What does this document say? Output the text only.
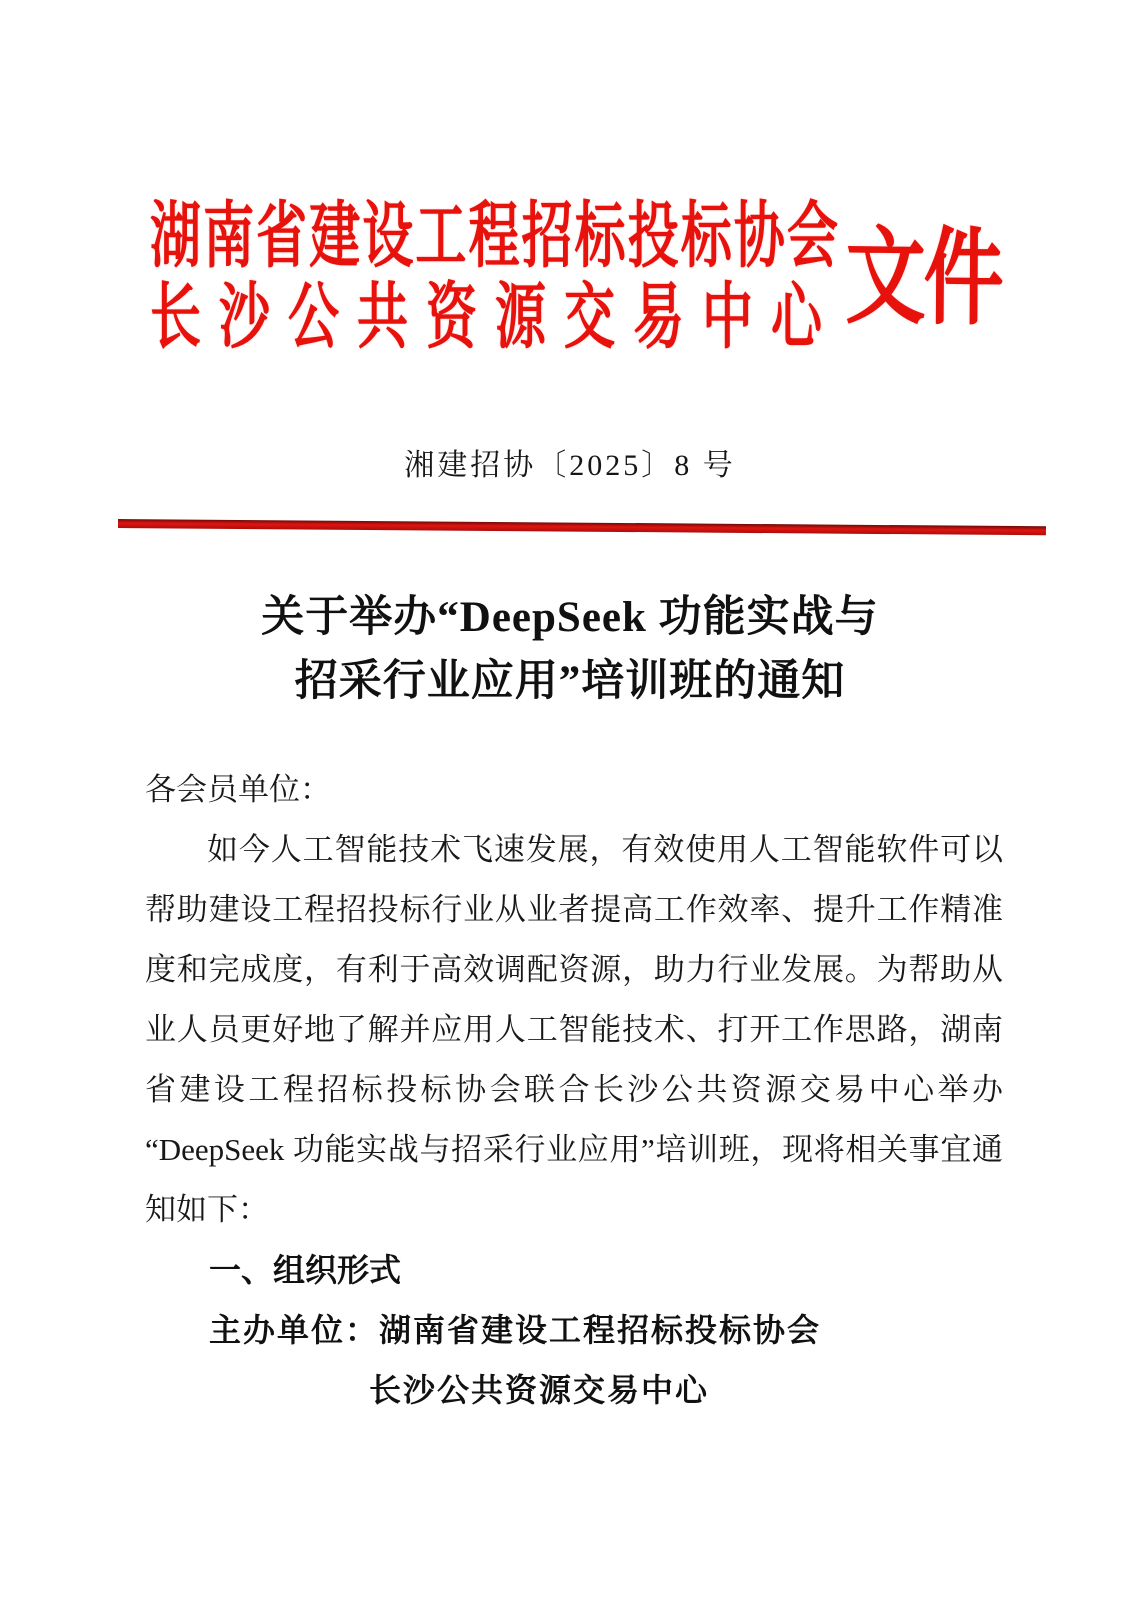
湖南省建设工程招标投标协会
长沙公共资源交易中心 文件
湘建招协〔2025〕8 号
关于举办“DeepSeek 功能实战与
招采行业应用”培训班的通知
各会员单位：
如今人工智能技术飞速发展，有效使用人工智能软件可以
帮助建设工程招投标行业从业者提高工作效率、提升工作精准
度和完成度，有利于高效调配资源，助力行业发展。为帮助从
业人员更好地了解并应用人工智能技术、打开工作思路，湖南
省建设工程招标投标协会联合长沙公共资源交易中心举办
“DeepSeek 功能实战与招采行业应用”培训班，现将相关事宜通
知如下：
一、组织形式
主办单位：湖南省建设工程招标投标协会
长沙公共资源交易中心
